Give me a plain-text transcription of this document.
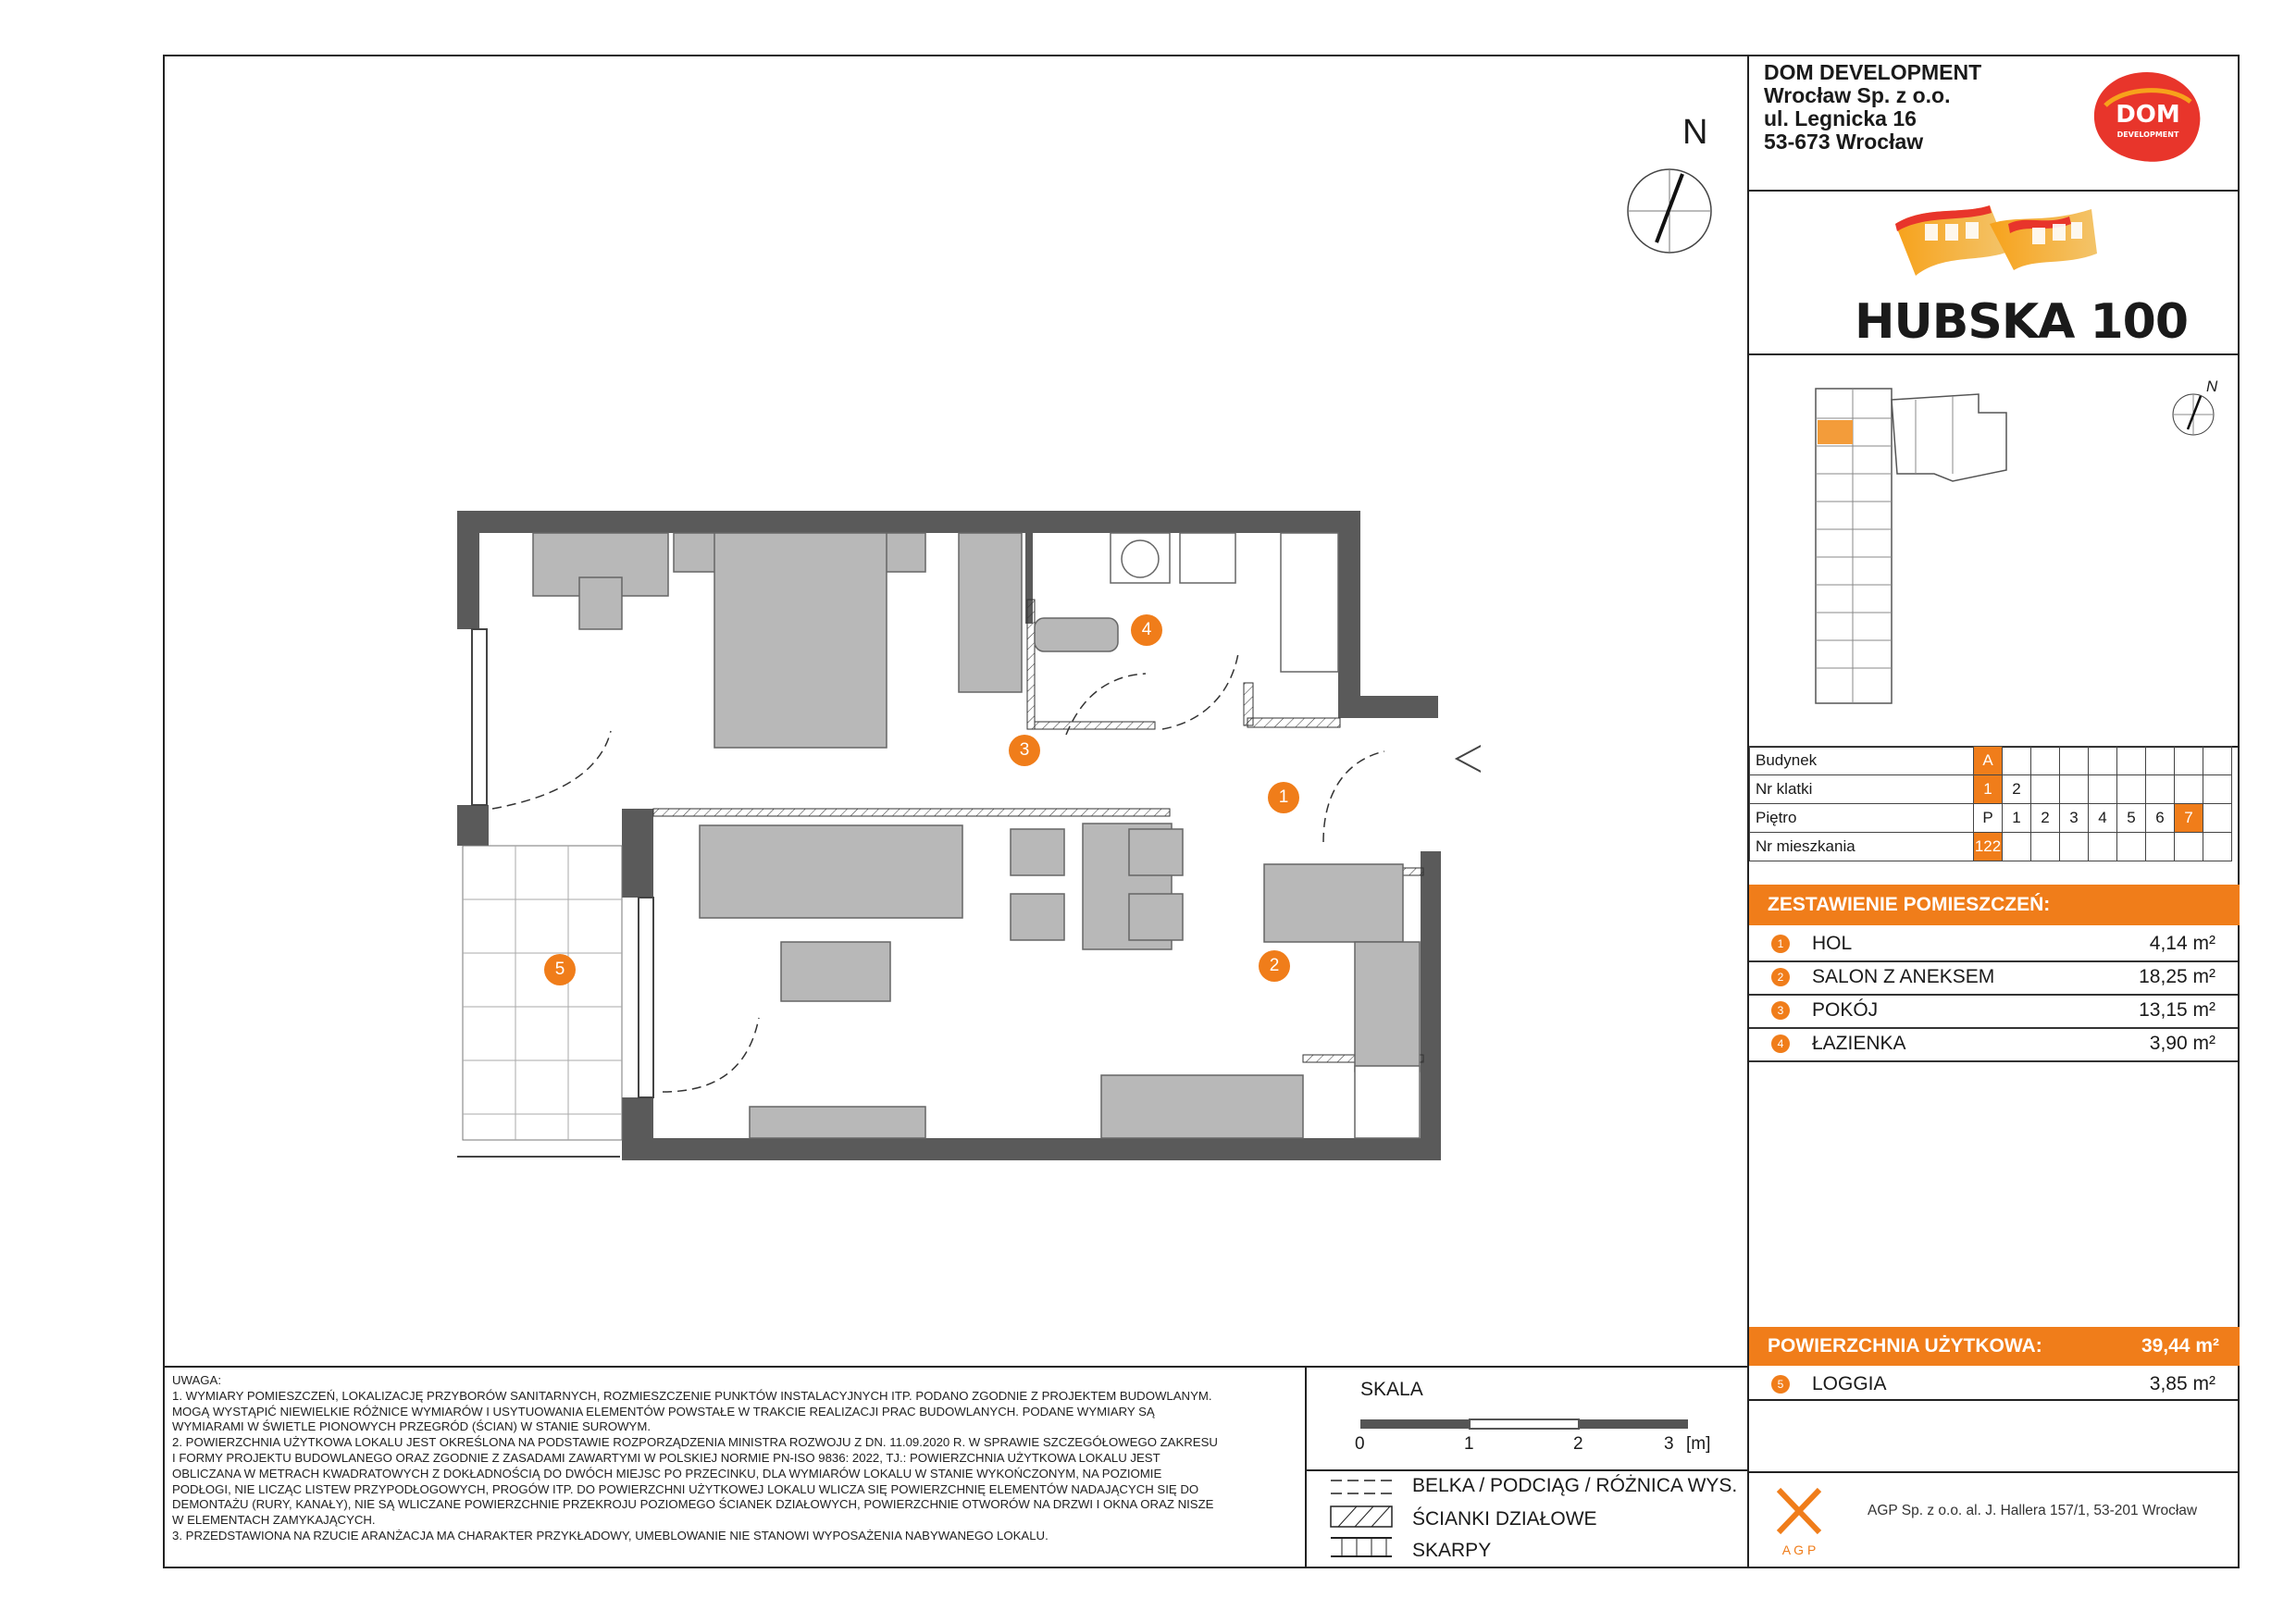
DOM DEVELOPMENT
Wrocław Sp. z o.o.
ul. Legnicka 16
53-673 Wrocław
DOM
DEVELOPMENT
HUBSKA 100
N
N
Budynek	A								
Nr klatki	1	2							
Piętro	P	1	2	3	4	5	6	7	
Nr mieszkania	122								
ZESTAWIENIE POMIESZCZEŃ:
1	HOL	4,14 m²
2	SALON Z ANEKSEM	18,25 m²
3	POKÓJ	13,15 m²
4	ŁAZIENKA	3,90 m²
POWIERZCHNIA UŻYTKOWA:	39,44 m²
5	LOGGIA	3,85 m²
A G P
AGP Sp. z o.o. al. J. Hallera 157/1, 53-201 Wrocław
UWAGA:
1. WYMIARY POMIESZCZEŃ, LOKALIZACJĘ PRZYBORÓW SANITARNYCH, ROZMIESZCZENIE PUNKTÓW INSTALACYJNYCH ITP. PODANO ZGODNIE Z PROJEKTEM BUDOWLANYM.
MOGĄ WYSTĄPIĆ NIEWIELKIE RÓŻNICE WYMIARÓW I USYTUOWANIA ELEMENTÓW POWSTAŁE W TRAKCIE REALIZACJI PRAC BUDOWLANYCH. PODANE WYMIARY SĄ
WYMIARAMI W ŚWIETLE PIONOWYCH PRZEGRÓD (ŚCIAN) W STANIE SUROWYM.
2. POWIERZCHNIA UŻYTKOWA LOKALU JEST OKREŚLONA NA PODSTAWIE ROZPORZĄDZENIA MINISTRA ROZWOJU Z DN. 11.09.2020 R. W SPRAWIE SZCZEGÓŁOWEGO ZAKRESU
I FORMY PROJEKTU BUDOWLANEGO ORAZ ZGODNIE Z ZASADAMI ZAWARTYMI W POLSKIEJ NORMIE PN-ISO 9836: 2022, TJ.: POWIERZCHNIA UŻYTKOWA LOKALU JEST
OBLICZANA W METRACH KWADRATOWYCH Z DOKŁADNOŚCIĄ DO DWÓCH MIEJSC PO PRZECINKU, DLA WYMIARÓW LOKALU W STANIE WYKOŃCZONYM, NA POZIOMIE
PODŁOGI, NIE LICZĄC LISTEW PRZYPODŁOGOWYCH, PROGÓW ITP. DO POWIERZCHNI UŻYTKOWEJ LOKALU WLICZA SIĘ POWIERZCHNIĘ ELEMENTÓW NADAJĄCYCH SIĘ DO
DEMONTAŻU (RURY, KANAŁY), NIE SĄ WLICZANE POWIERZCHNIE PRZEKROJU POZIOMEGO ŚCIANEK DZIAŁOWYCH, POWIERZCHNIE OTWORÓW NA DRZWI I OKNA ORAZ NISZE
W ELEMENTACH ZAMYKAJĄCYCH.
3. PRZEDSTAWIONA NA RZUCIE ARANŻACJA MA CHARAKTER PRZYKŁADOWY, UMEBLOWANIE NIE STANOWI WYPOSAŻENIA NABYWANEGO LOKALU.
SKALA
0	1	2	3 [m]
BELKA / PODCIĄG / RÓŻNICA WYS.
ŚCIANKI DZIAŁOWE
SKARPY
1
2
3
4
5
